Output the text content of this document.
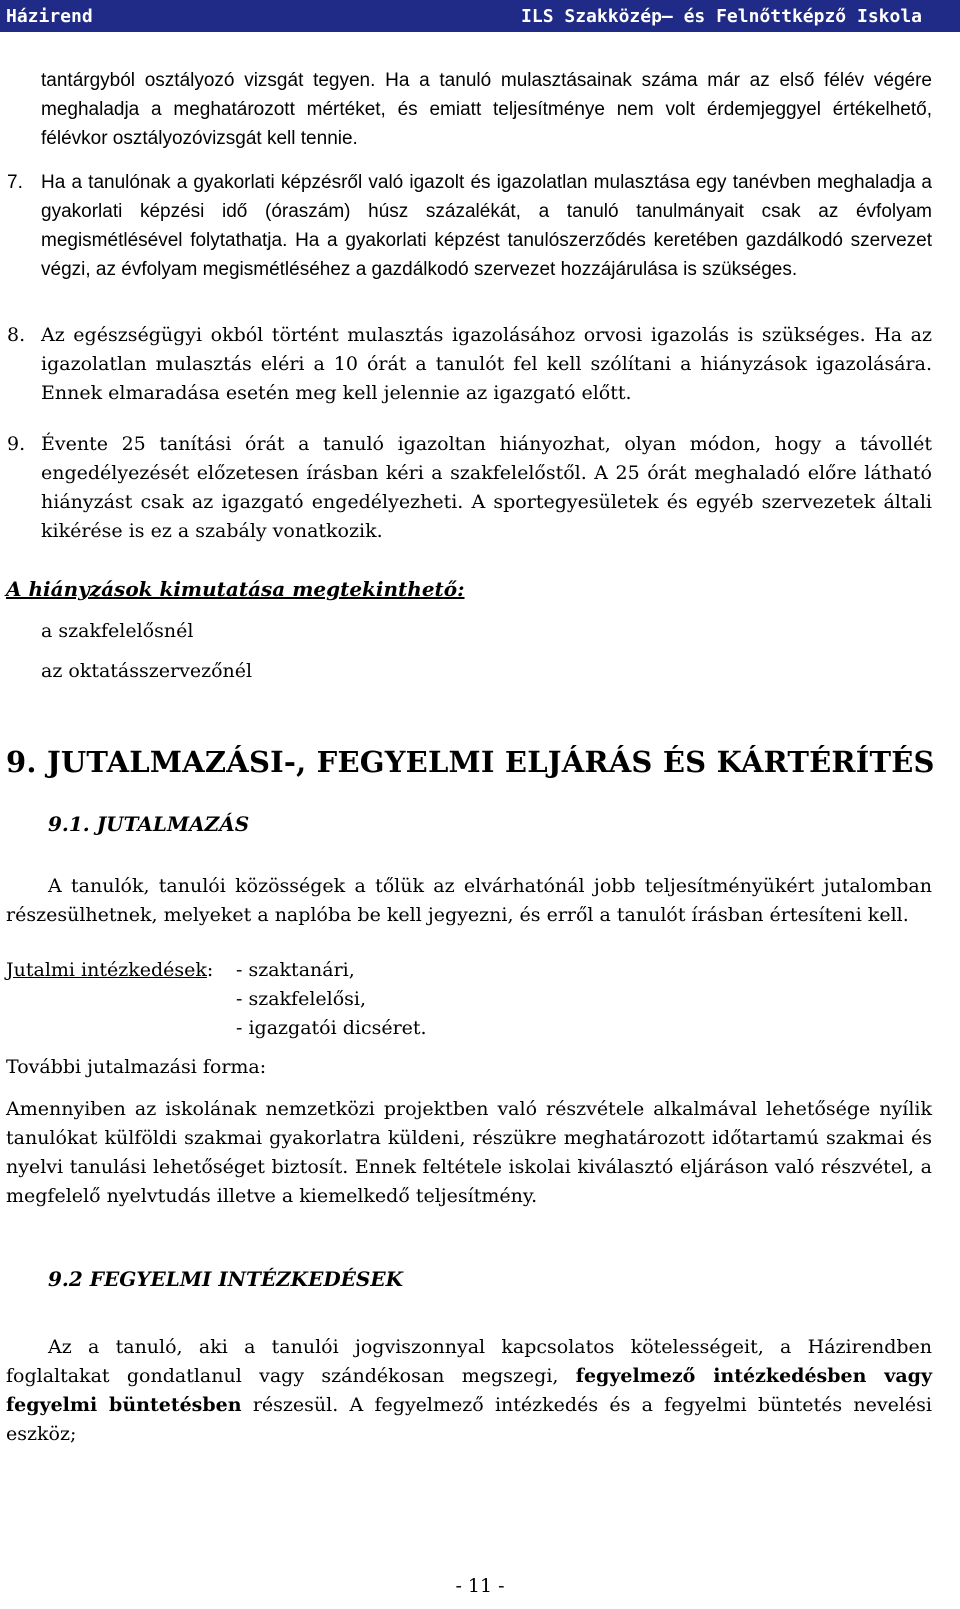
Házirend	ILS Szakközép– és Felnőttképző Iskola
tantárgyból osztályozó vizsgát tegyen. Ha a tanuló mulasztásainak száma már az első félév végére meghaladja a meghatározott mértéket, és emiatt teljesítménye nem volt érdemjeggyel értékelhető, félévkor osztályozóvizsgát kell tennie.
7. Ha a tanulónak a gyakorlati képzésről való igazolt és igazolatlan mulasztása egy tanévben meghaladja a gyakorlati képzési idő (óraszám) húsz százalékát, a tanuló tanulmányait csak az évfolyam megismétlésével folytathatja. Ha a gyakorlati képzést tanulószerződés keretében gazdálkodó szervezet végzi, az évfolyam megismétléséhez a gazdálkodó szervezet hozzájárulása is szükséges.
8. Az egészségügyi okból történt mulasztás igazolásához orvosi igazolás is szükséges. Ha az igazolatlan mulasztás eléri a 10 órát a tanulót fel kell szólítani a hiányzások igazolására. Ennek elmaradása esetén meg kell jelennie az igazgató előtt.
9. Évente 25 tanítási órát a tanuló igazoltan hiányozhat, olyan módon, hogy a távollét engedélyezését előzetesen írásban kéri a szakfelelőstől. A 25 órát meghaladó előre látható hiányzást csak az igazgató engedélyezheti. A sportegyesületek és egyéb szervezetek általi kikérése is ez a szabály vonatkozik.
A hiányzások kimutatása megtekinthető:
a szakfelelősnél
az oktatásszervezőnél
9. JUTALMAZÁSI-, FEGYELMI ELJÁRÁS ÉS KÁRTÉRÍTÉS
9.1. JUTALMAZÁS
A tanulók, tanulói közösségek a tőlük az elvárhatónál jobb teljesítményükért jutalomban részesülhetnek, melyeket a naplóba be kell jegyezni, és erről a tanulót írásban értesíteni kell.
Jutalmi intézkedések: - szaktanári,
- szakfelelősi,
- igazgatói dicséret.
További jutalmazási forma:
Amennyiben az iskolának nemzetközi projektben való részvétele alkalmával lehetősége nyílik tanulókat külföldi szakmai gyakorlatra küldeni, részükre meghatározott időtartamú szakmai és nyelvi tanulási lehetőséget biztosít. Ennek feltétele iskolai kiválasztó eljáráson való részvétel, a megfelelő nyelvtudás illetve a kiemelkedő teljesítmény.
9.2 FEGYELMI INTÉZKEDÉSEK
Az a tanuló, aki a tanulói jogviszonnyal kapcsolatos kötelességeit, a Házirendben foglaltakat gondatlanul vagy szándékosan megszegi, fegyelmező intézkedésben vagy fegyelmi büntetésben részesül. A fegyelmező intézkedés és a fegyelmi büntetés nevelési eszköz;
- 11 -
